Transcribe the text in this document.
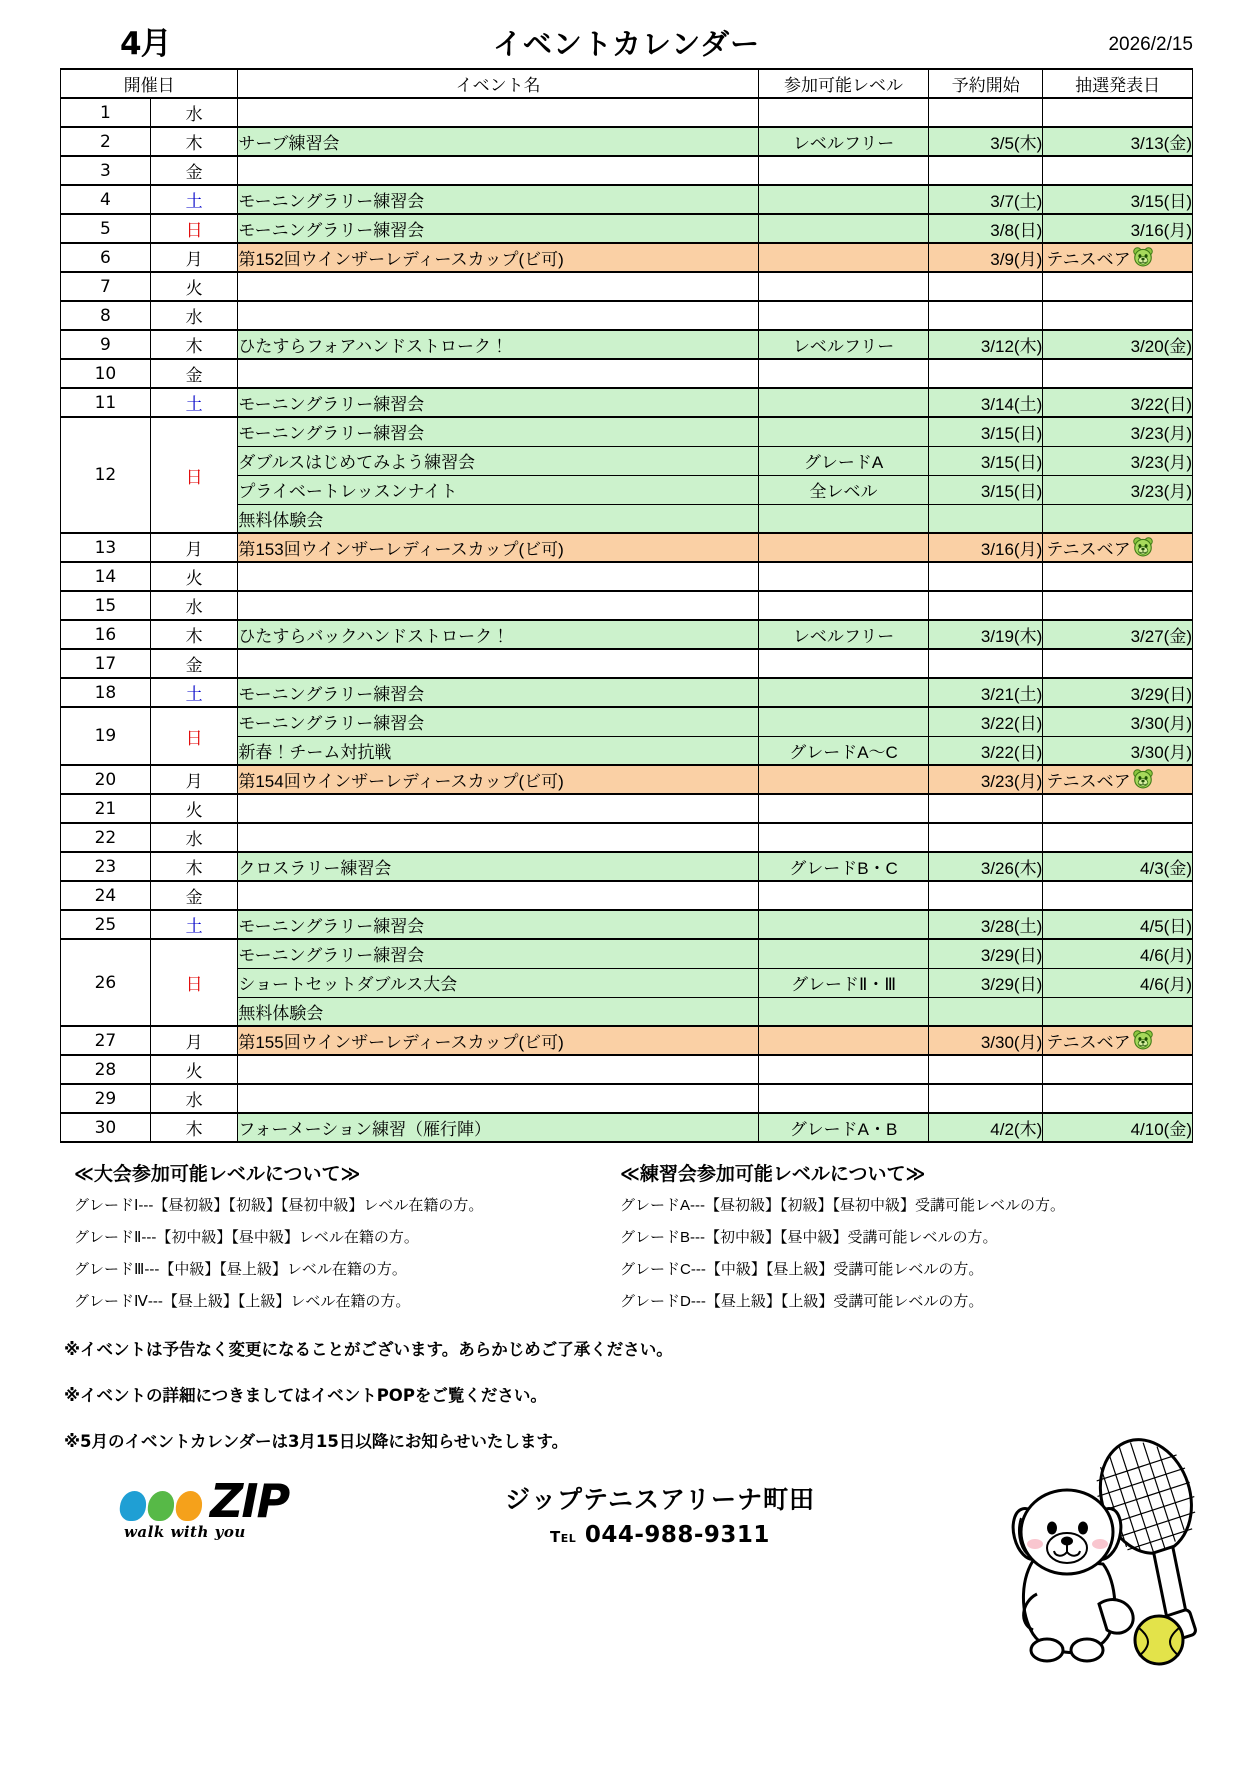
4月	イベントカレンダー	2026/2/15
開催日		イベント名	参加可能レベル	予約開始	抽選発表日
1	水				
2	木	サーブ練習会	レベルフリー	3/5(木)	3/13(金)
3	金				
4	土	モーニングラリー練習会		3/7(土)	3/15(日)
5	日	モーニングラリー練習会		3/8(日)	3/16(月)
6	月	第152回ウインザーレディースカップ(ビ可)		3/9(月)	テニスベア
7	火				
8	水				
9	木	ひたすらフォアハンドストローク！	レベルフリー	3/12(木)	3/20(金)
10	金				
11	土	モーニングラリー練習会		3/14(土)	3/22(日)
12	日	モーニングラリー練習会		3/15(日)	3/23(月)
		ダブルスはじめてみよう練習会	グレードA	3/15(日)	3/23(月)
		プライベートレッスンナイト	全レベル	3/15(日)	3/23(月)
		無料体験会			
13	月	第153回ウインザーレディースカップ(ビ可)		3/16(月)	テニスベア
14	火				
15	水				
16	木	ひたすらバックハンドストローク！	レベルフリー	3/19(木)	3/27(金)
17	金				
18	土	モーニングラリー練習会		3/21(土)	3/29(日)
19	日	モーニングラリー練習会		3/22(日)	3/30(月)
		新春！チーム対抗戦	グレードA〜C	3/22(日)	3/30(月)
20	月	第154回ウインザーレディースカップ(ビ可)		3/23(月)	テニスベア
21	火				
22	水				
23	木	クロスラリー練習会	グレードB・C	3/26(木)	4/3(金)
24	金				
25	土	モーニングラリー練習会		3/28(土)	4/5(日)
26	日	モーニングラリー練習会		3/29(日)	4/6(月)
		ショートセットダブルス大会	グレードⅡ・Ⅲ	3/29(日)	4/6(月)
		無料体験会			
27	月	第155回ウインザーレディースカップ(ビ可)		3/30(月)	テニスベア
28	火				
29	水				
30	木	フォーメーション練習（雁行陣）	グレードA・B	4/2(木)	4/10(金)
≪大会参加可能レベルについて≫
グレードⅠ---【昼初級】【初級】【昼初中級】レベル在籍の方。
グレードⅡ---【初中級】【昼中級】レベル在籍の方。
グレードⅢ---【中級】【昼上級】レベル在籍の方。
グレードⅣ---【昼上級】【上級】レベル在籍の方。
≪練習会参加可能レベルについて≫
グレードA---【昼初級】【初級】【昼初中級】受講可能レベルの方。
グレードB---【初中級】【昼中級】受講可能レベルの方。
グレードC---【中級】【昼上級】受講可能レベルの方。
グレードD---【昼上級】【上級】受講可能レベルの方。
※イベントは予告なく変更になることがございます。あらかじめご了承ください。
※イベントの詳細につきましてはイベントPOPをご覧ください。
※5月のイベントカレンダーは3月15日以降にお知らせいたします。
ZIP
walk with you
ジップテニスアリーナ町田
Tel 044-988-9311
